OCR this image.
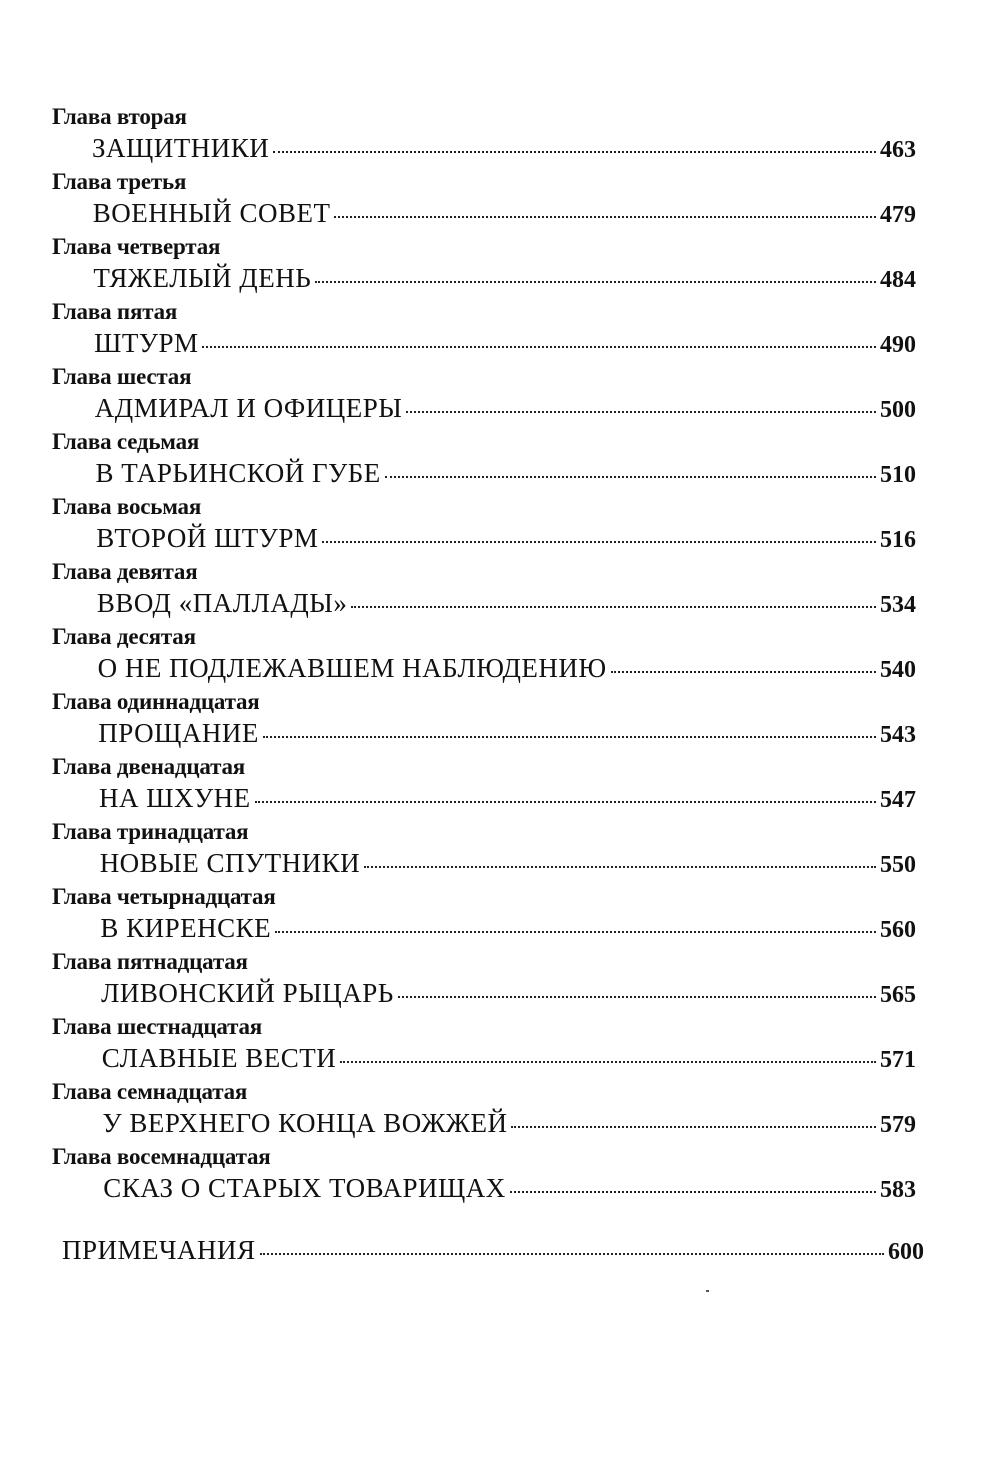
Глава вторая
ЗАЩИТНИКИ	463
Глава третья
ВОЕННЫЙ СОВЕТ	479
Глава четвертая
ТЯЖЕЛЫЙ ДЕНЬ	484
Глава пятая
ШТУРМ	490
Глава шестая
АДМИРАЛ И ОФИЦЕРЫ	500
Глава седьмая
В ТАРЬИНСКОЙ ГУБЕ	510
Глава восьмая
ВТОРОЙ ШТУРМ	516
Глава девятая
ВВОД «ПАЛЛАДЫ»	534
Глава десятая
О НЕ ПОДЛЕЖАВШЕМ НАБЛЮДЕНИЮ	540
Глава одиннадцатая
ПРОЩАНИЕ	543
Глава двенадцатая
НА ШХУНЕ	547
Глава тринадцатая
НОВЫЕ СПУТНИКИ	550
Глава четырнадцатая
В КИРЕНСКЕ	560
Глава пятнадцатая
ЛИВОНСКИЙ РЫЦАРЬ	565
Глава шестнадцатая
СЛАВНЫЕ ВЕСТИ	571
Глава семнадцатая
У ВЕРХНЕГО КОНЦА ВОЖЖЕЙ	579
Глава восемнадцатая
СКАЗ О СТАРЫХ ТОВАРИЩАХ	583
ПРИМЕЧАНИЯ	600
